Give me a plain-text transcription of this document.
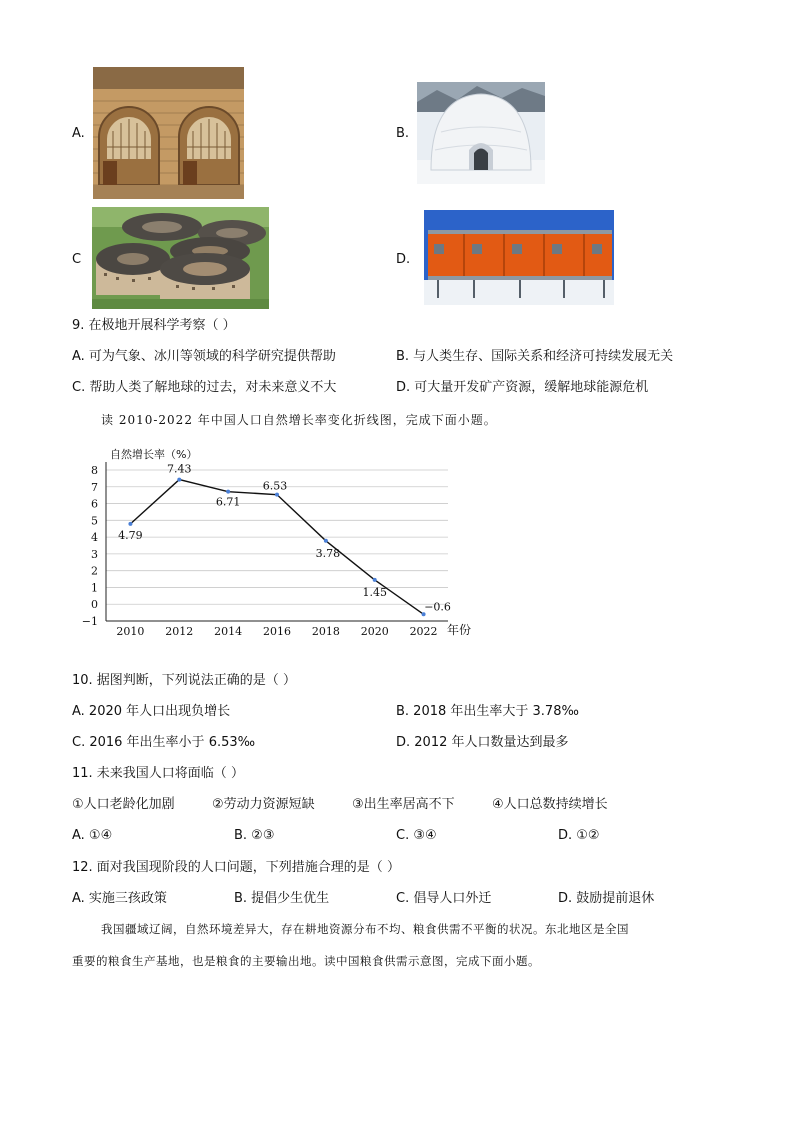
A.	B.
C	D.
9. 在极地开展科学考察（ ）
A. 可为气象、冰川等领域的科学研究提供帮助	B. 与人类生存、国际关系和经济可持续发展无关
C. 帮助人类了解地球的过去，对未来意义不大	D. 可大量开发矿产资源，缓解地球能源危机
读 2010-2022 年中国人口自然增长率变化折线图，完成下面小题。
8
7
6
5
4
3
2
1
0
−1
2010 2012 2014 2016 2018 2020 2022
4.79
7.43
6.71
6.53
3.78
1.45
−0.6
自然增长率（%）
年份
10. 据图判断，下列说法正确的是（ ）
A. 2020 年人口出现负增长	B. 2018 年出生率大于 3.78‰
C. 2016 年出生率小于 6.53‰	D. 2012 年人口数量达到最多
11. 未来我国人口将面临（ ）
①人口老龄化加剧	②劳动力资源短缺	③出生率居高不下	④人口总数持续增长
A. ①④	B. ②③	C. ③④	D. ①②
12. 面对我国现阶段的人口问题，下列措施合理的是（ ）
A. 实施三孩政策	B. 提倡少生优生	C. 倡导人口外迁	D. 鼓励提前退休
我国疆域辽阔，自然环境差异大，存在耕地资源分布不均、粮食供需不平衡的状况。东北地区是全国
重要的粮食生产基地，也是粮食的主要输出地。读中国粮食供需示意图，完成下面小题。
